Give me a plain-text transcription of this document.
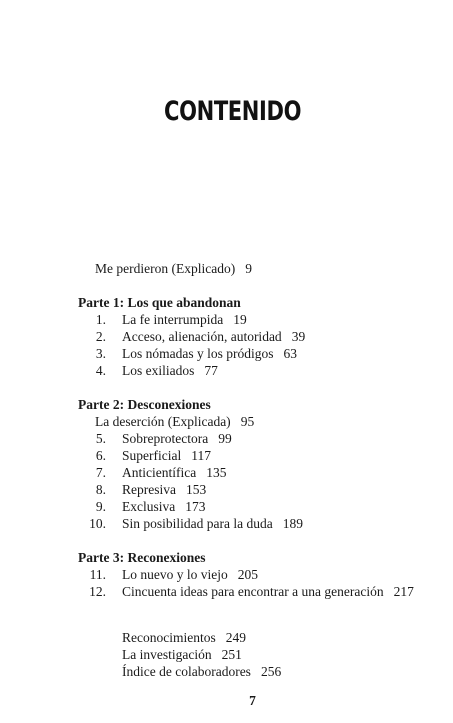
CONTENIDO
Me perdieron (Explicado) 9
Parte 1: Los que abandonan
1. La fe interrumpida 19
2. Acceso, alienación, autoridad 39
3. Los nómadas y los pródigos 63
4. Los exiliados 77
Parte 2: Desconexiones
La deserción (Explicada) 95
5. Sobreprotectora 99
6. Superficial 117
7. Anticientífica 135
8. Represiva 153
9. Exclusiva 173
10. Sin posibilidad para la duda 189
Parte 3: Reconexiones
11. Lo nuevo y lo viejo 205
12. Cincuenta ideas para encontrar a una generación 217
Reconocimientos 249
La investigación 251
Índice de colaboradores 256
7
